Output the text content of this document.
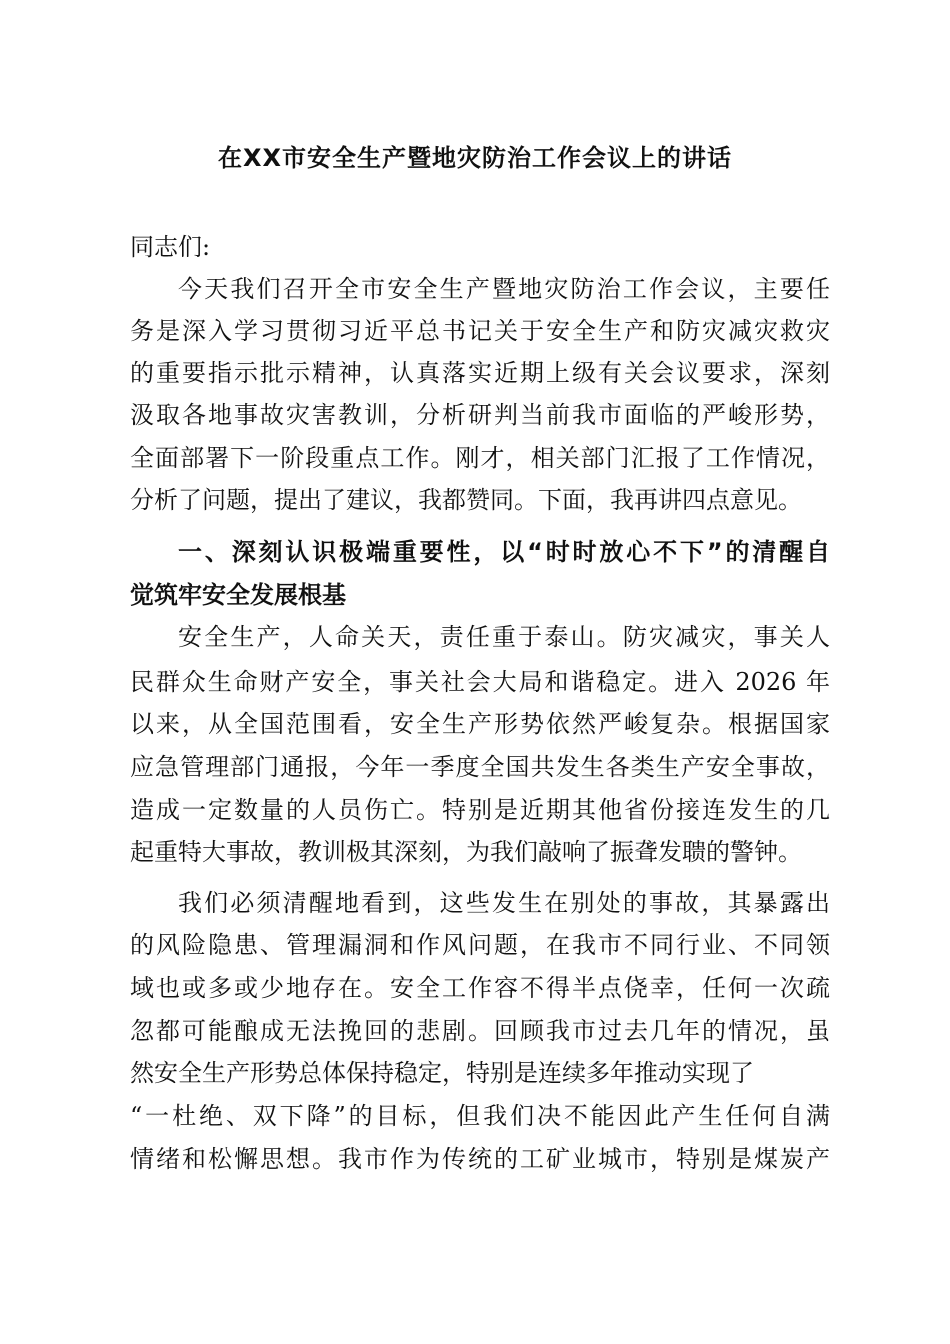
在XX市安全生产暨地灾防治工作会议上的讲话
同志们:
今天我们召开全市安全生产暨地灾防治工作会议，主要任
务是深入学习贯彻习近平总书记关于安全生产和防灾减灾救灾
的重要指示批示精神，认真落实近期上级有关会议要求，深刻
汲取各地事故灾害教训，分析研判当前我市面临的严峻形势，
全面部署下一阶段重点工作。刚才，相关部门汇报了工作情况，
分析了问题，提出了建议，我都赞同。下面，我再讲四点意见。
一、深刻认识极端重要性，以“时时放心不下”的清醒自
觉筑牢安全发展根基
安全生产，人命关天，责任重于泰山。防灾减灾，事关人
民群众生命财产安全，事关社会大局和谐稳定。进入 2026 年
以来，从全国范围看，安全生产形势依然严峻复杂。根据国家
应急管理部门通报，今年一季度全国共发生各类生产安全事故，
造成一定数量的人员伤亡。特别是近期其他省份接连发生的几
起重特大事故，教训极其深刻，为我们敲响了振聋发聩的警钟。
我们必须清醒地看到，这些发生在别处的事故，其暴露出
的风险隐患、管理漏洞和作风问题，在我市不同行业、不同领
域也或多或少地存在。安全工作容不得半点侥幸，任何一次疏
忽都可能酿成无法挽回的悲剧。回顾我市过去几年的情况，虽
然安全生产形势总体保持稳定，特别是连续多年推动实现了
“一杜绝、双下降”的目标，但我们决不能因此产生任何自满
情绪和松懈思想。我市作为传统的工矿业城市，特别是煤炭产
